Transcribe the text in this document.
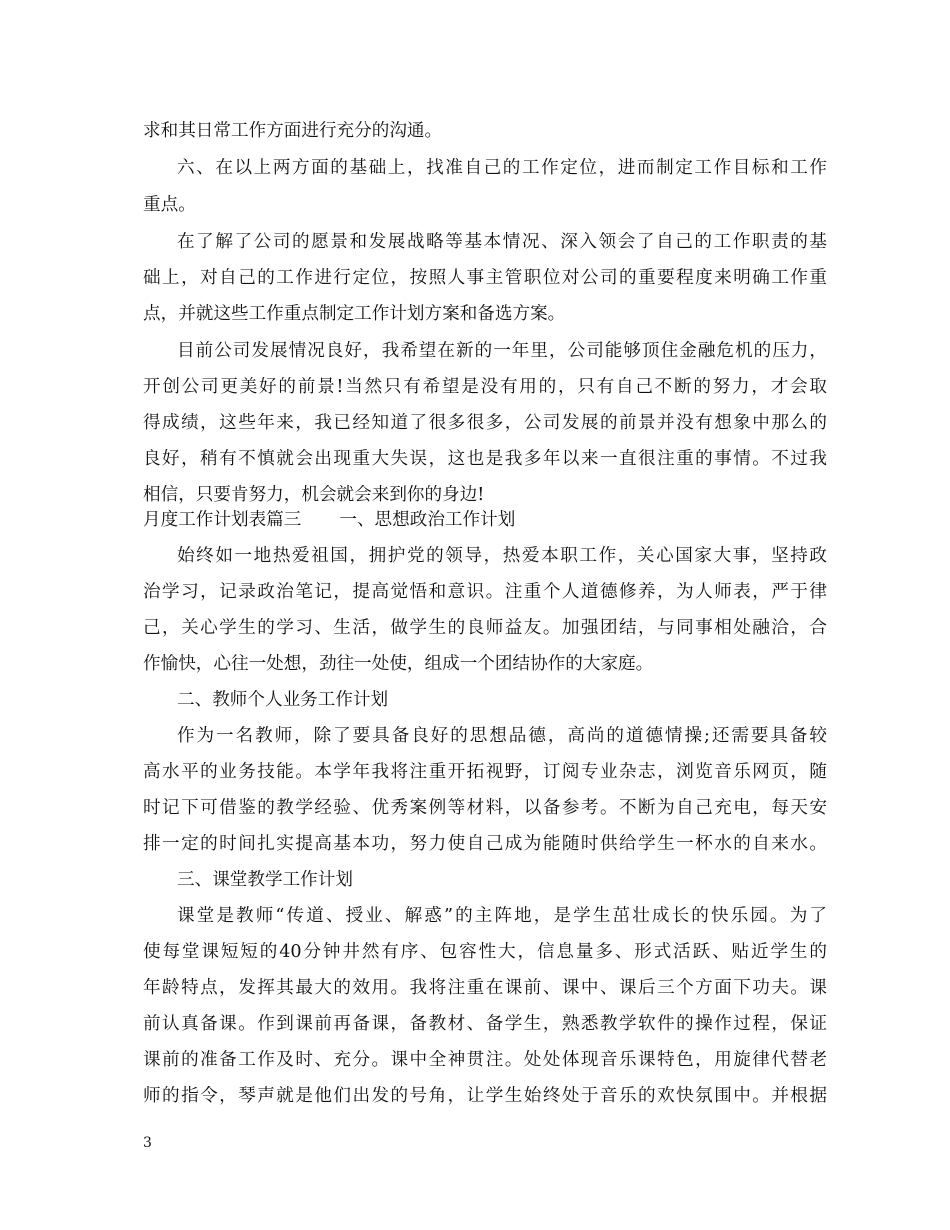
求和其日常工作方面进行充分的沟通。
六、在以上两方面的基础上，找准自己的工作定位，进而制定工作目标和工作
重点。
在了解了公司的愿景和发展战略等基本情况、深入领会了自己的工作职责的基
础上，对自己的工作进行定位，按照人事主管职位对公司的重要程度来明确工作重
点，并就这些工作重点制定工作计划方案和备选方案。
目前公司发展情况良好，我希望在新的一年里，公司能够顶住金融危机的压力，
开创公司更美好的前景!当然只有希望是没有用的，只有自己不断的努力，才会取
得成绩，这些年来，我已经知道了很多很多，公司发展的前景并没有想象中那么的
良好，稍有不慎就会出现重大失误，这也是我多年以来一直很注重的事情。不过我
相信，只要肯努力，机会就会来到你的身边!
月度工作计划表篇三 一、思想政治工作计划
始终如一地热爱祖国，拥护党的领导，热爱本职工作，关心国家大事，坚持政
治学习，记录政治笔记，提高觉悟和意识。注重个人道德修养，为人师表，严于律
己，关心学生的学习、生活，做学生的良师益友。加强团结，与同事相处融洽，合
作愉快，心往一处想，劲往一处使，组成一个团结协作的大家庭。
二、教师个人业务工作计划
作为一名教师，除了要具备良好的思想品德，高尚的道德情操;还需要具备较
高水平的业务技能。本学年我将注重开拓视野，订阅专业杂志，浏览音乐网页，随
时记下可借鉴的教学经验、优秀案例等材料，以备参考。不断为自己充电，每天安
排一定的时间扎实提高基本功，努力使自己成为能随时供给学生一杯水的自来水。
三、课堂教学工作计划
课堂是教师“传道、授业、解惑”的主阵地，是学生茁壮成长的快乐园。为了
使每堂课短短的40分钟井然有序、包容性大，信息量多、形式活跃、贴近学生的
年龄特点，发挥其最大的效用。我将注重在课前、课中、课后三个方面下功夫。课
前认真备课。作到课前再备课，备教材、备学生，熟悉教学软件的操作过程，保证
课前的准备工作及时、充分。课中全神贯注。处处体现音乐课特色，用旋律代替老
师的指令，琴声就是他们出发的号角，让学生始终处于音乐的欢快氛围中。并根据
3
